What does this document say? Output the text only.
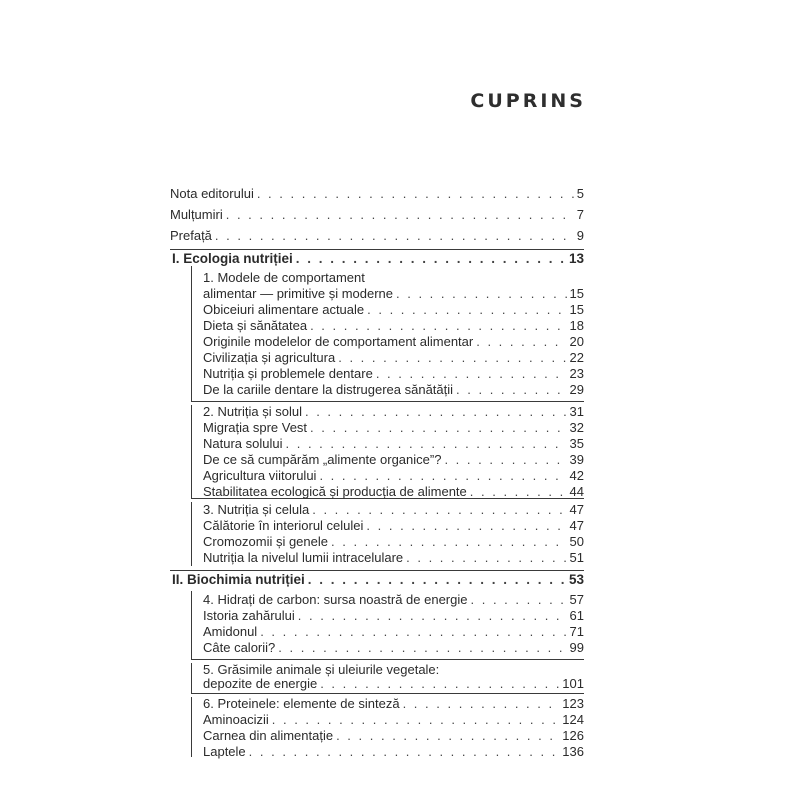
CUPRINS
Nota editorului . . .	5
Mulțumiri . . .	7
Prefață . . .	9
I. Ecologia nutriției . . .	13
1. Modele de comportament
alimentar — primitive și moderne . . .	15
Obiceiuri alimentare actuale . . .	15
Dieta și sănătatea . . .	18
Originile modelelor de comportament alimentar . . .	20
Civilizația și agricultura . . .	22
Nutriția și problemele dentare . . .	23
De la cariile dentare la distrugerea sănătății . . .	29
2. Nutriția și solul . . .	31
Migrația spre Vest . . .	32
Natura solului . . .	35
De ce să cumpărăm „alimente organice”? . . .	39
Agricultura viitorului . . .	42
Stabilitatea ecologică și producția de alimente . . .	44
3. Nutriția și celula . . .	47
Călătorie în interiorul celulei . . .	47
Cromozomii și genele . . .	50
Nutriția la nivelul lumii intracelulare . . .	51
II. Biochimia nutriției . . .	53
4. Hidrați de carbon: sursa noastră de energie . . .	57
Istoria zahărului . . .	61
Amidonul . . .	71
Câte calorii? . . .	99
5. Grăsimile animale și uleiurile vegetale:
depozite de energie . . .	101
6. Proteinele: elemente de sinteză . . .	123
Aminoacizii . . .	124
Carnea din alimentație . . .	126
Laptele . . .	136
